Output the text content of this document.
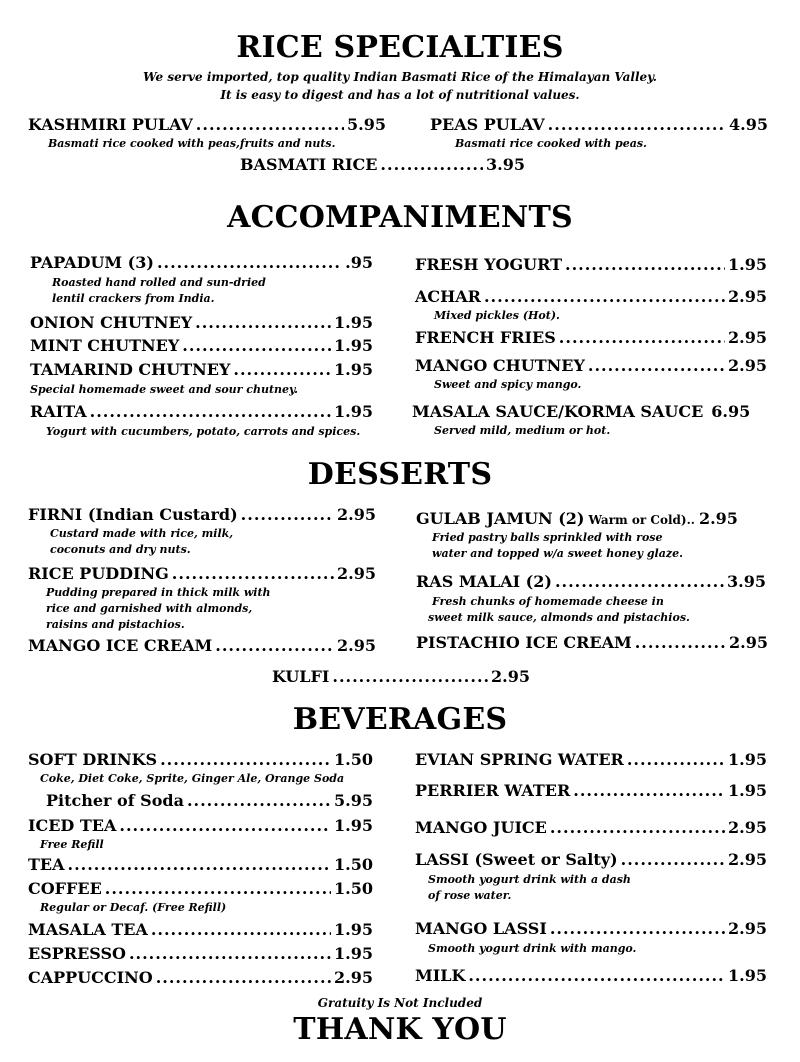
RICE SPECIALTIES
We serve imported, top quality Indian Basmati Rice of the Himalayan Valley.
It is easy to digest and has a lot of nutritional values.
KASHMIRI PULAV .....	5.95
Basmati rice cooked with peas,fruits and nuts.
PEAS PULAV .....	4.95
Basmati rice cooked with peas.
BASMATI RICE .....	3.95
ACCOMPANIMENTS
PAPADUM (3) .....	.95
Roasted hand rolled and sun-dried
lentil crackers from India.
ONION CHUTNEY .....	1.95
MINT CHUTNEY .....	1.95
TAMARIND CHUTNEY .....	1.95
Special homemade sweet and sour chutney.
RAITA .....	1.95
Yogurt with cucumbers, potato, carrots and spices.
FRESH YOGURT .....	1.95
ACHAR .....	2.95
Mixed pickles (Hot).
FRENCH FRIES .....	2.95
MANGO CHUTNEY .....	2.95
Sweet and spicy mango.
MASALA SAUCE/KORMA SAUCE 6.95
Served mild, medium or hot.
DESSERTS
FIRNI (Indian Custard) .....	2.95
Custard made with rice, milk,
coconuts and dry nuts.
RICE PUDDING .....	2.95
Pudding prepared in thick milk with
rice and garnished with almonds,
raisins and pistachios.
MANGO ICE CREAM .....	2.95
GULAB JAMUN (2) Warm or Cold).. 2.95
Fried pastry balls sprinkled with rose
water and topped w/a sweet honey glaze.
RAS MALAI (2) .....	3.95
Fresh chunks of homemade cheese in
sweet milk sauce, almonds and pistachios.
PISTACHIO ICE CREAM .....	2.95
KULFI .....	2.95
BEVERAGES
SOFT DRINKS .....	1.50
Coke, Diet Coke, Sprite, Ginger Ale, Orange Soda
Pitcher of Soda .....	5.95
ICED TEA .....	1.95
Free Refill
TEA .....	1.50
COFFEE .....	1.50
Regular or Decaf. (Free Refill)
MASALA TEA .....	1.95
ESPRESSO .....	1.95
CAPPUCCINO .....	2.95
EVIAN SPRING WATER .....	1.95
PERRIER WATER .....	1.95
MANGO JUICE .....	2.95
LASSI (Sweet or Salty) .....	2.95
Smooth yogurt drink with a dash
of rose water.
MANGO LASSI .....	2.95
Smooth yogurt drink with mango.
MILK .....	1.95
Gratuity Is Not Included
THANK YOU
